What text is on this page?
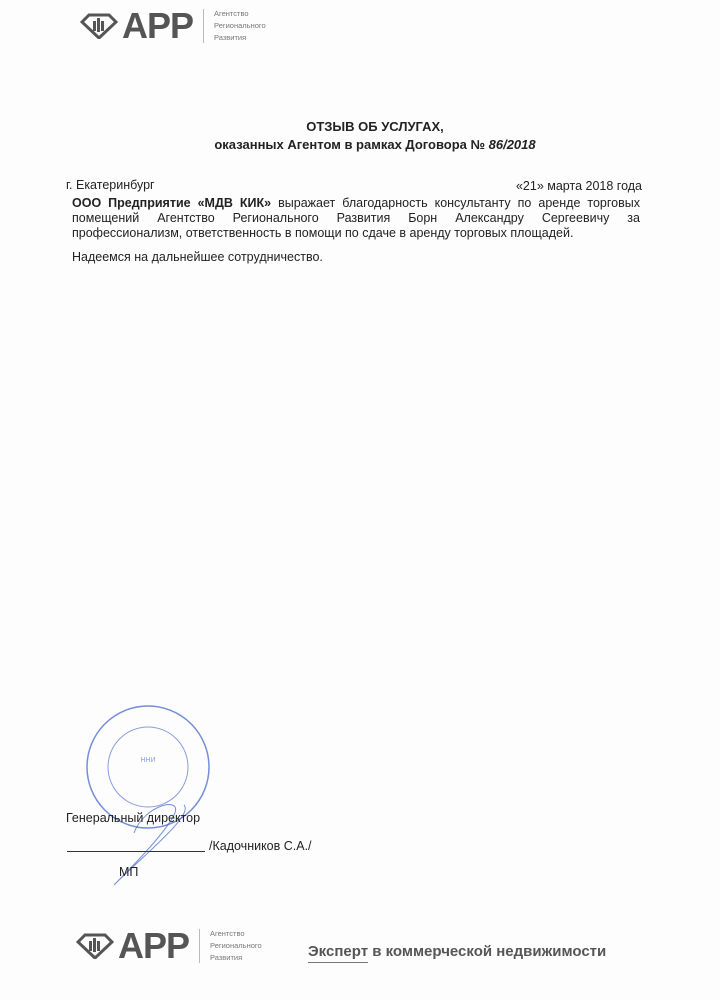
АРР	Агентство
Регионального
Развития
ОТЗЫВ ОБ УСЛУГАХ,
оказанных Агентом в рамках Договора № 86/2018
г. Екатеринбург	«21» марта 2018 года
ООО Предприятие «МДВ КИК» выражает благодарность консультанту по аренде торговых помещений Агентство Регионального Развития Борн Александру Сергеевичу за профессионализм, ответственность в помощи по сдаче в аренду торговых площадей.
Надеемся на дальнейшее сотрудничество.
ИНН
Генеральный директор
/Кадочников С.А./
МП
АРР	Агентство
Регионального
Развития	Эксперт в коммерческой недвижимости
